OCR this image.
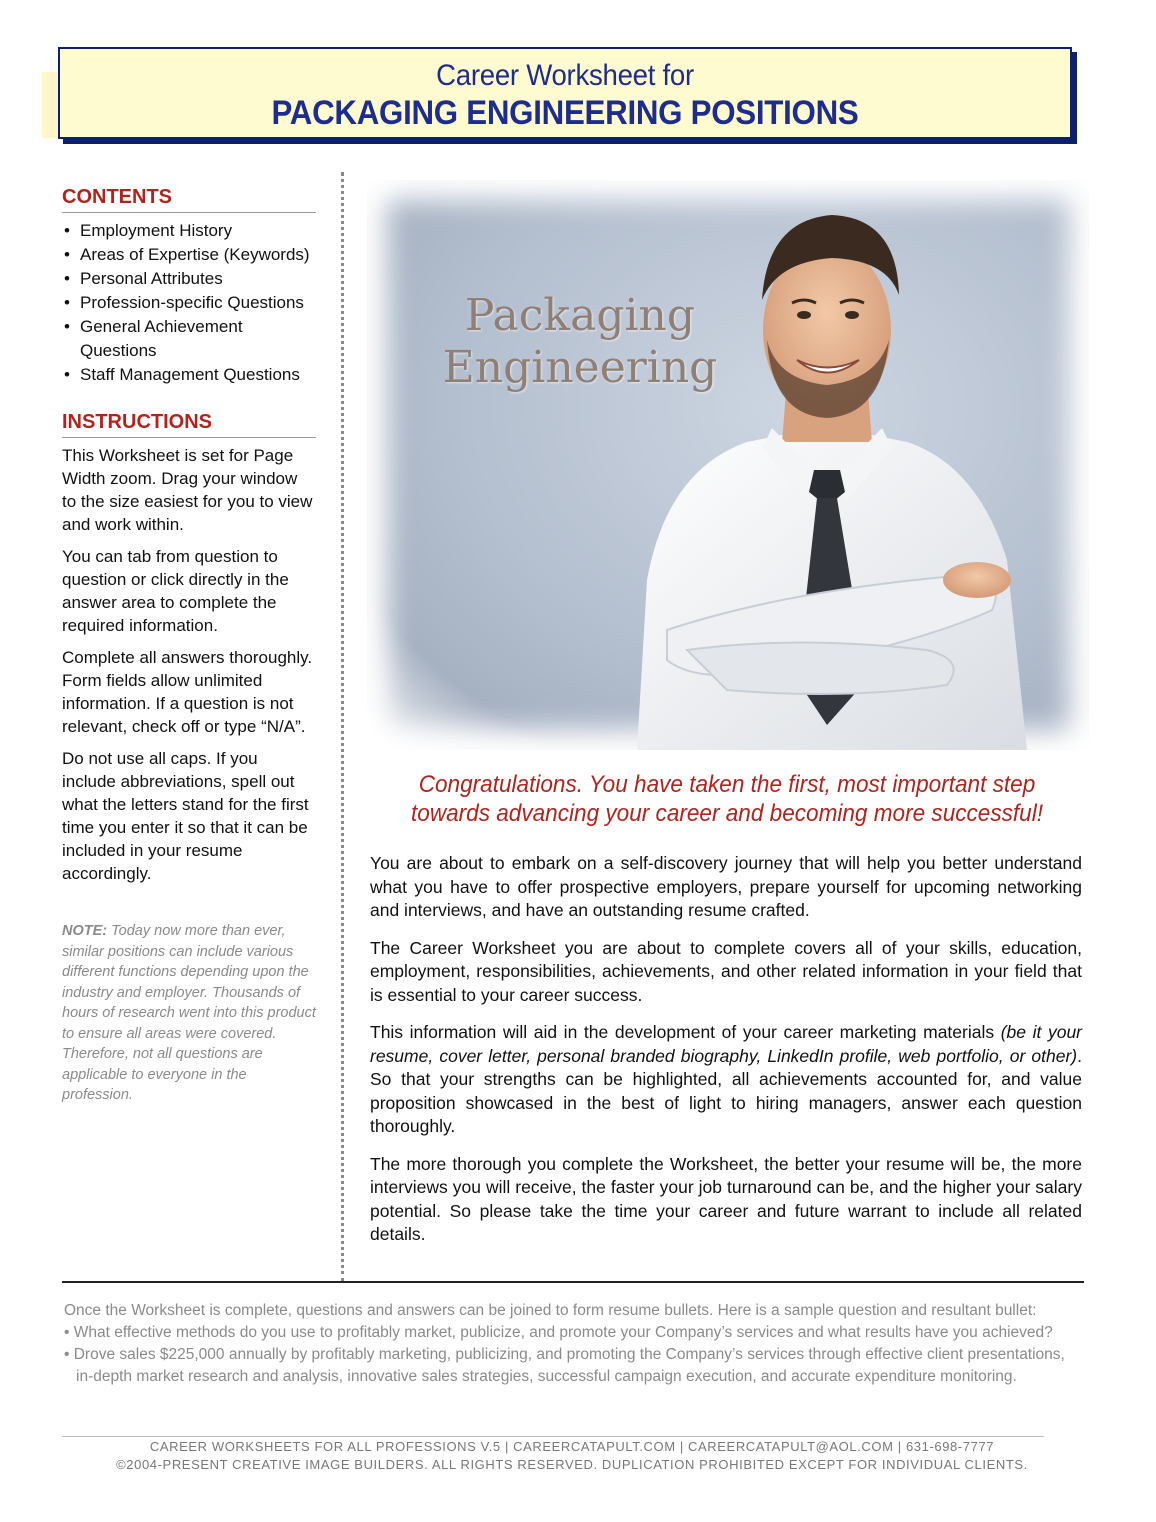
Career Worksheet for
PACKAGING ENGINEERING POSITIONS
CONTENTS
• Employment History
• Areas of Expertise (Keywords)
• Personal Attributes
• Profession-specific Questions
• General Achievement Questions
• Staff Management Questions
INSTRUCTIONS

This Worksheet is set for Page Width zoom. Drag your window to the size easiest for you to view and work within.

You can tab from question to question or click directly in the answer area to complete the required information.

Complete all answers thoroughly. Form fields allow unlimited information. If a question is not relevant, check off or type “N/A”.

Do not use all caps. If you include abbreviations, spell out what the letters stand for the first time you enter it so that it can be included in your resume accordingly.

NOTE: Today now more than ever, similar positions can include various different functions depending upon the industry and employer. Thousands of hours of research went into this product to ensure all areas were covered. Therefore, not all questions are applicable to everyone in the profession.
Packaging
Engineering
Congratulations. You have taken the first, most important step
towards advancing your career and becoming more successful!

You are about to embark on a self-discovery journey that will help you better understand what you have to offer prospective employers, prepare yourself for upcoming networking and interviews, and have an outstanding resume crafted.

The Career Worksheet you are about to complete covers all of your skills, education, employment, responsibilities, achievements, and other related information in your field that is essential to your career success.

This information will aid in the development of your career marketing materials (be it your resume, cover letter, personal branded biography, LinkedIn profile, web portfolio, or other). So that your strengths can be highlighted, all achievements accounted for, and value proposition showcased in the best of light to hiring managers, answer each question thoroughly.

The more thorough you complete the Worksheet, the better your resume will be, the more interviews you will receive, the faster your job turnaround can be, and the higher your salary potential. So please take the time your career and future warrant to include all related details.

Once the Worksheet is complete, questions and answers can be joined to form resume bullets. Here is a sample question and resultant bullet:
• What effective methods do you use to profitably market, publicize, and promote your Company’s services and what results have you achieved?
• Drove sales $225,000 annually by profitably marketing, publicizing, and promoting the Company’s services through effective client presentations,
in-depth market research and analysis, innovative sales strategies, successful campaign execution, and accurate expenditure monitoring.
CAREER WORKSHEETS FOR ALL PROFESSIONS V.5 | CAREERCATAPULT.COM | CAREERCATAPULT@AOL.COM | 631-698-7777
©2004-PRESENT CREATIVE IMAGE BUILDERS. ALL RIGHTS RESERVED. DUPLICATION PROHIBITED EXCEPT FOR INDIVIDUAL CLIENTS.
